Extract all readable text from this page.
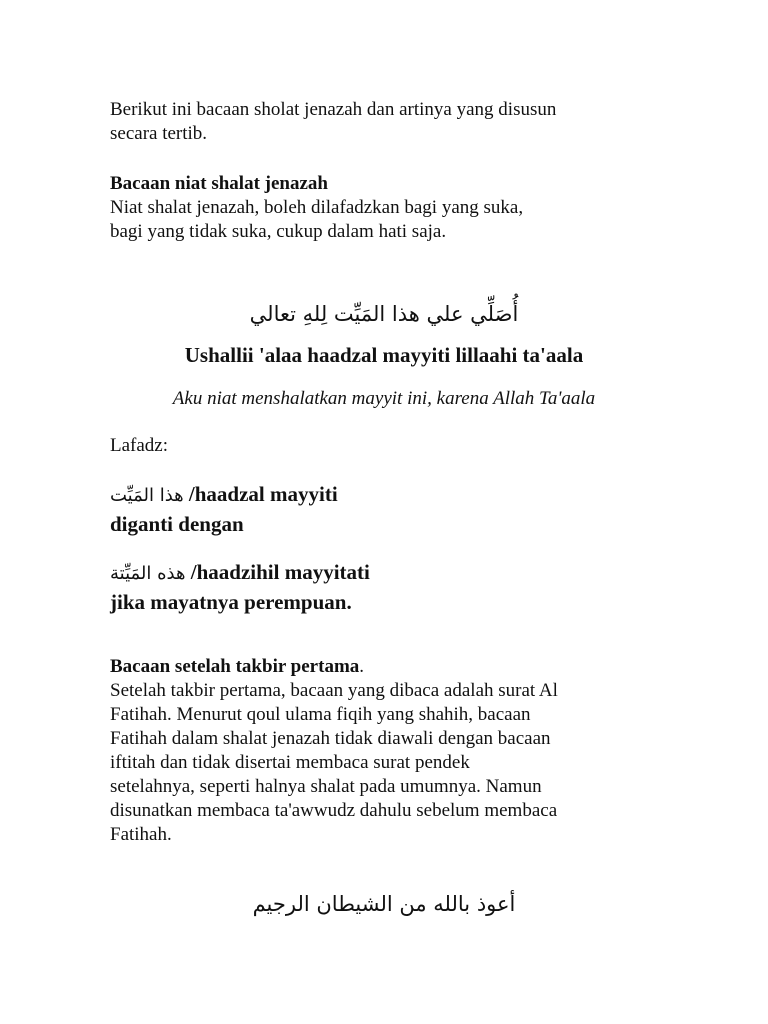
Berikut ini bacaan sholat jenazah dan artinya yang disusun

secara tertib.

Bacaan niat shalat jenazah

Niat shalat jenazah, boleh dilafadzkan bagi yang suka,

bagi yang tidak suka, cukup dalam hati saja.

أُصَلِّي علي هذا المَيِّت لِلهِ تعالي
Ushallii 'alaa haadzal mayyiti lillaahi ta'aala
Aku niat menshalatkan mayyit ini, karena Allah Ta'aala

Lafadz:

هذا المَيِّت /haadzal mayyiti

diganti dengan

هذه المَيِّتة /haadzihil mayyitati

jika mayatnya perempuan.

Bacaan setelah takbir pertama.

Setelah takbir pertama, bacaan yang dibaca adalah surat Al

Fatihah. Menurut qoul ulama fiqih yang shahih, bacaan

Fatihah dalam shalat jenazah tidak diawali dengan bacaan

iftitah dan tidak disertai membaca surat pendek

setelahnya, seperti halnya shalat pada umumnya. Namun

disunatkan membaca ta'awwudz dahulu sebelum membaca

Fatihah.

أعوذ بالله من الشيطان الرجيم
